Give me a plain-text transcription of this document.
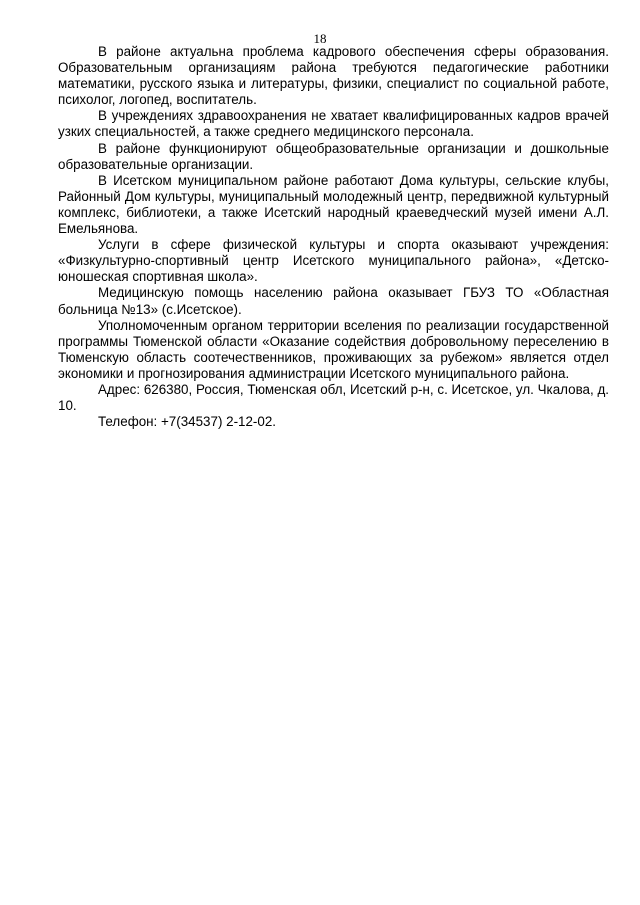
18

В районе актуальна проблема кадрового обеспечения сферы образования. Образовательным организациям района требуются педагогические работники математики, русского языка и литературы, физики, специалист по социальной работе, психолог, логопед, воспитатель.

В учреждениях здравоохранения не хватает квалифицированных кадров врачей узких специальностей, а также среднего медицинского персонала.

В районе функционируют общеобразовательные организации и дошкольные образовательные организации.

В Исетском муниципальном районе работают Дома культуры, сельские клубы, Районный Дом культуры, муниципальный молодежный центр, передвижной культурный комплекс, библиотеки, а также Исетский народный краеведческий музей имени А.Л. Емельянова.

Услуги в сфере физической культуры и спорта оказывают учреждения: «Физкультурно-спортивный центр Исетского муниципального района», «Детско-юношеская спортивная школа».

Медицинскую помощь населению района оказывает ГБУЗ ТО «Областная больница №13» (с.Исетское).

Уполномоченным органом территории вселения по реализации государственной программы Тюменской области «Оказание содействия добровольному переселению в Тюменскую область соотечественников, проживающих за рубежом» является отдел экономики и прогнозирования администрации Исетского муниципального района.

Адрес: 626380, Россия, Тюменская обл, Исетский р-н, с. Исетское, ул. Чкалова, д. 10.

Телефон: +7(34537) 2-12-02.
